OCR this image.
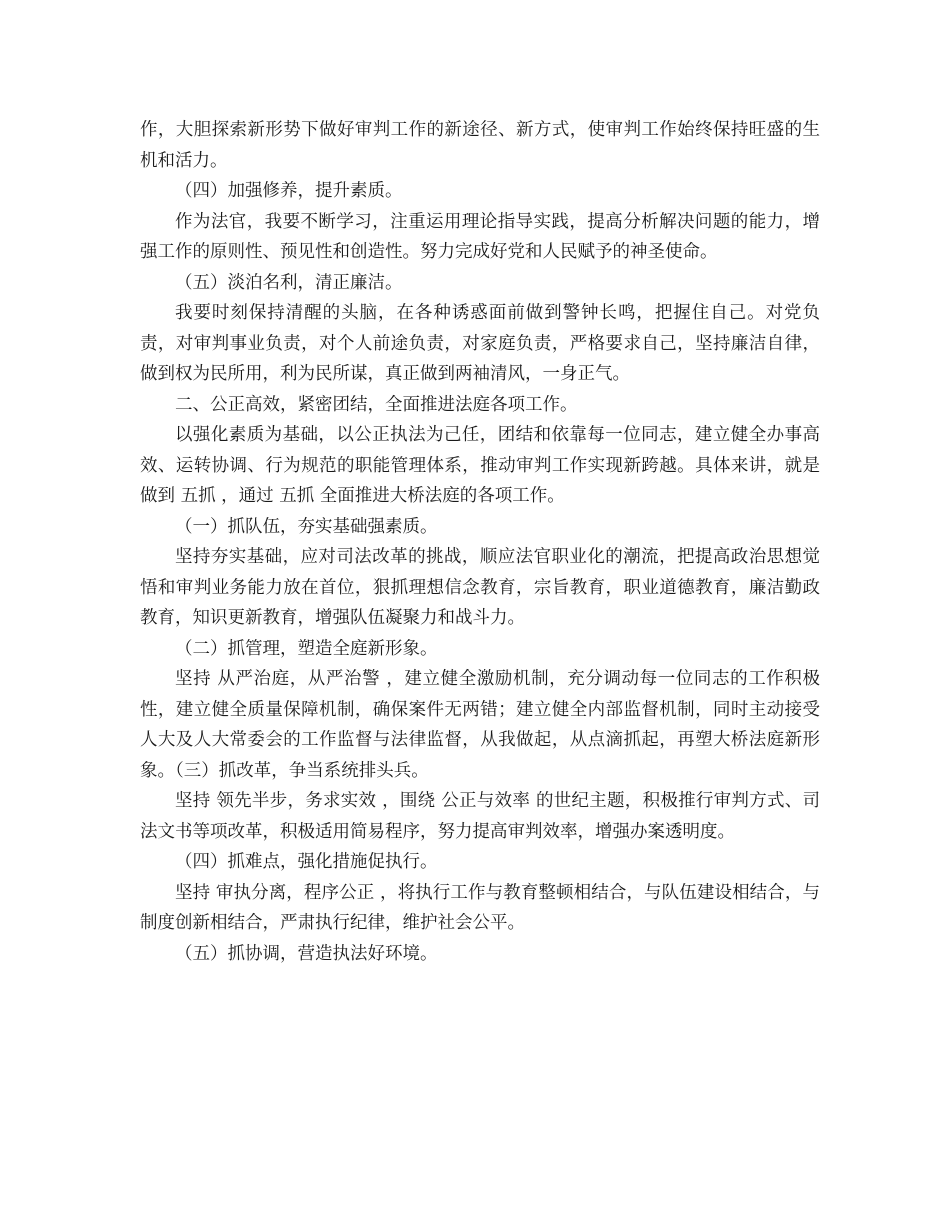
作，大胆探索新形势下做好审判工作的新途径、新方式，使审判工作始终保持旺盛的生机和活力。

（四）加强修养，提升素质。

作为法官，我要不断学习，注重运用理论指导实践，提高分析解决问题的能力，增强工作的原则性、预见性和创造性。努力完成好党和人民赋予的神圣使命。

（五）淡泊名利，清正廉洁。

我要时刻保持清醒的头脑，在各种诱惑面前做到警钟长鸣，把握住自己。对党负责，对审判事业负责，对个人前途负责，对家庭负责，严格要求自己，坚持廉洁自律，做到权为民所用，利为民所谋，真正做到两袖清风，一身正气。

二、公正高效，紧密团结，全面推进法庭各项工作。

以强化素质为基础，以公正执法为己任，团结和依靠每一位同志，建立健全办事高效、运转协调、行为规范的职能管理体系，推动审判工作实现新跨越。具体来讲，就是做到 五抓 ，通过 五抓 全面推进大桥法庭的各项工作。

（一）抓队伍，夯实基础强素质。

坚持夯实基础，应对司法改革的挑战，顺应法官职业化的潮流，把提高政治思想觉悟和审判业务能力放在首位，狠抓理想信念教育，宗旨教育，职业道德教育，廉洁勤政教育，知识更新教育，增强队伍凝聚力和战斗力。

（二）抓管理，塑造全庭新形象。

坚持 从严治庭，从严治警 ，建立健全激励机制，充分调动每一位同志的工作积极性，建立健全质量保障机制，确保案件无两错；建立健全内部监督机制，同时主动接受人大及人大常委会的工作监督与法律监督，从我做起，从点滴抓起，再塑大桥法庭新形象。（三）抓改革，争当系统排头兵。

坚持 领先半步，务求实效 ，围绕 公正与效率 的世纪主题，积极推行审判方式、司法文书等项改革，积极适用简易程序，努力提高审判效率，增强办案透明度。

（四）抓难点，强化措施促执行。

坚持 审执分离，程序公正 ，将执行工作与教育整顿相结合，与队伍建设相结合，与制度创新相结合，严肃执行纪律，维护社会公平。

（五）抓协调，营造执法好环境。
